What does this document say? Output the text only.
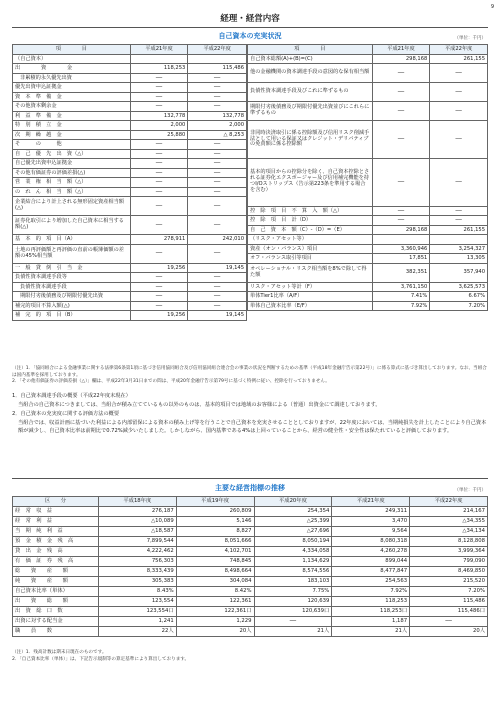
9
経理・経営内容
自己資本の充実状況	（単位：千円）
項　　　　目	平成21年度	平成22年度
（自己資本）		
出　　　　資　　　　金	118,253	115,486
非累積的永久優先出資	──	──
優先出資申込証拠金	──	──
資　本　準　備　金	──	──
その他資本剰余金	──	──
利　益　準　備　金	132,778	132,778
特　別　積　立　金	2,000	2,000
次　期　繰　越　金	25,880	△ 8,253
そ　　　の　　　他	──	──
自　己　優　先　出　資（△）	──	──
自己優先出資申込証拠金	──	──
その他有価証券の評価差損(△)	──	──
営　業　権　相　当　額（△）	──	──
の　れ　ん　相　当　額（△）	──	──
企業結合により計上される無形固定資産相当額(△)	──	──
証券化取引により増加した自己資本に相当する額(△)	──	──
基　本　的　項　目（A）	278,911	242,010
土地の再評価額と再評価の直前の帳簿価額の差額の45%相当額	──	──
一　般　貸　倒　引　当　金	19,256	19,145
負債性資本調達手段等	──	──
負債性資本調達手段	──	──
期限付劣後債務及び期限付優先出資	──	──
補完的項目不算入額(△)	──	──
補　完　的　項　目（B）	19,256	19,145
項　　　　目	平成21年度	平成22年度
自己資本総額(A)+(B)=(C)	298,168	261,155
他の金融機関の資本調達手段の意図的な保有相当額	──	──
負債性資本調達手段及びこれに準ずるもの	──	──
期限付劣後債務及び期限付優先出資並びにこれらに準ずるもの	──	──
非同時決済取引に係る控除額及び信用リスク削減手法として用いる保証又はクレジット・デリバティブの免責額に係る控除額	──	──
基本的項目からの控除分を除く、自己資本控除とされる証券化エクスポージャー及び信用補完機能を持つI/Oストリップス（告示第223条を準用する場合を含む）	──	──
控　除　項　目　不　算　入　額（△）	──	──
控　除　項　目　計（D）	──	──
自　己　資　本　額（C）-（D）=（E）	298,168	261,155
（リスク・アセット等）		
資産（オン・バランス）項目	3,360,946	3,254,327
オフ・バランス取引等項目	17,851	13,305
オペレーショナル・リスク相当額を8%で除して得た額	382,351	357,940
リスク・アセット等計（F）	3,761,150	3,625,573
単体Tier1比率（A/F）	7.41%	6.67%
単体自己資本比率（E/F）	7.92%	7.20%
（注）1．「協同組合による金融事業に関する法律第6条第1項に基づき信用協同組合及び信用協同組合連合会の事業の状況を判断するための基準（平成18年金融庁告示第22号）」に係る算式に基づき算出しております。なお、当組合は国内基準を採用しております。
2．「その他有価証券の評価差損（△）」欄は、平成22年3月31日までの間は、平成20年金融庁告示第79号に基づく特例に従い、控除を行っておりません。

1．自己資本調達手段の概要（平成22年度末現在）

当組合の自己資本につきましては、当組合が積み立てているもの以外のものは、基本的項目では地域のお客様による（普通）出資金にて調達しております。

2．自己資本の充実度に関する評価方法の概要

当組合では、収益計画に基づいた利益による内部留保による資本の積み上げ等を行うことで自己資本を充実させることとしておりますが、22年度においては、当期純損失を計上したことにより自己資本額が減少し、自己資本比率は前期比で0.72%減少いたしました。しかしながら、国内基準である4%は上回っていることから、経営の健全性・安全性は保たれていると評価しております。

主要な経営指標の推移	（単位：千円）
区　　分	平成18年度	平成19年度	平成20年度	平成21年度	平成22年度
経　常　収　益	276,187	260,809	254,354	249,311	214,167
経　常　利　益	△10,089	5,146	△25,399	3,470	△34,355
当　期　純　利　益	△18,587	8,827	△27,696	9,564	△34,134
預　金　積　金　残　高	7,899,544	8,051,666	8,050,194	8,080,318	8,128,808
貸　出　金　残　高	4,222,462	4,102,701	4,334,058	4,260,278	3,999,364
有　価　証　券　残　高	756,303	748,845	1,134,629	899,044	799,090
総　　資　　産　　額	8,333,439	8,498,664	8,574,556	8,477,847	8,469,850
純　　資　　産　　額	305,383	304,084	183,103	254,563	215,520
自己資本比率（単体）	8.43%	8.42%	7.75%	7.92%	7.20%
出　　資　　総　　額	123,554	122,361	120,639	118,253	115,486
出　資　総　口　数	123,554口	122,361口	120,639口	118,253口	115,486口
出資に対する配当金	1,241	1,229	──	1,187	──
職　　員　　数	22人	20人	21人	21人	20人
（注）1．残高計数は期末日現在のものです。
2．「自己資本比率（単体）」は、下記告示規制等の算定基準により算出しております。
